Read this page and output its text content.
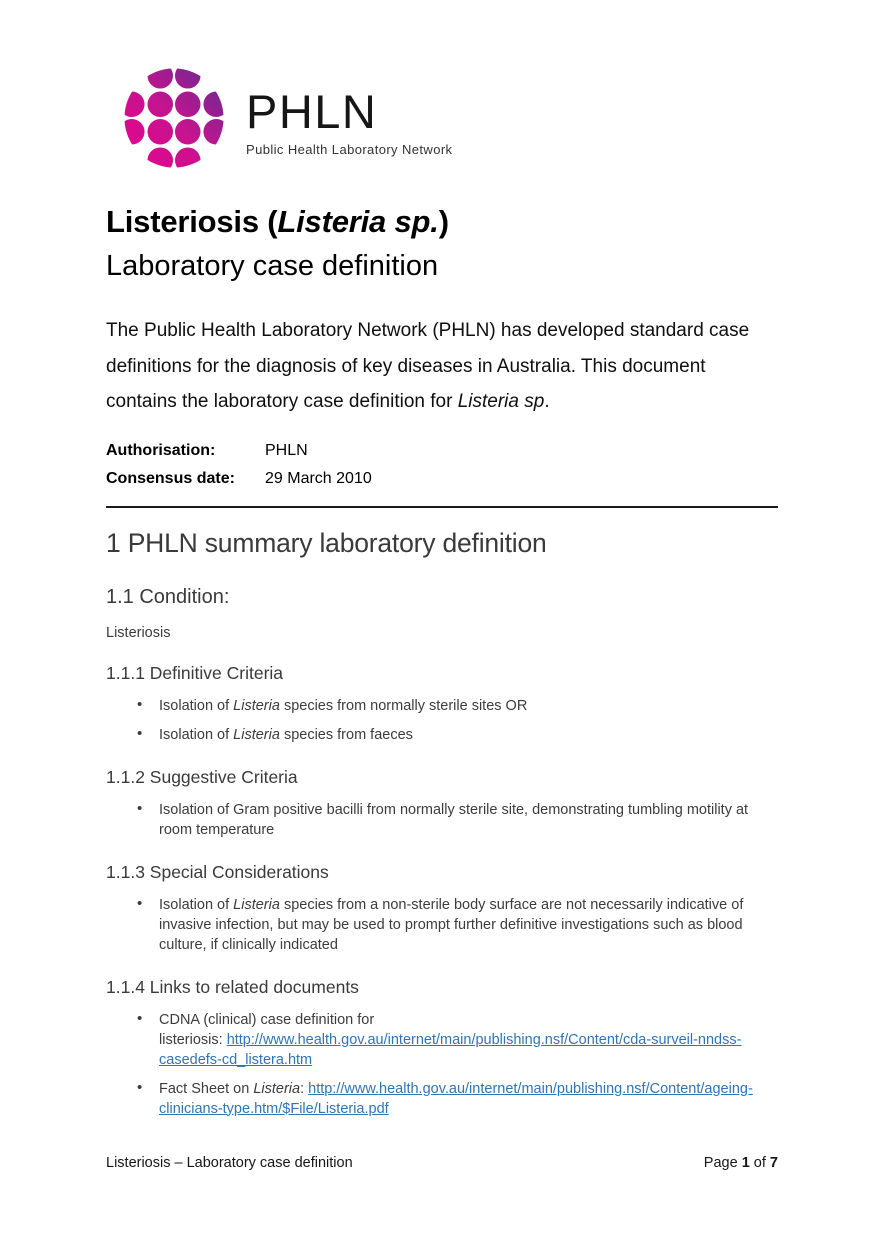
PHLN
Public Health Laboratory Network
Listeriosis (Listeria sp.)
Laboratory case definition

The Public Health Laboratory Network (PHLN) has developed standard case definitions for the diagnosis of key diseases in Australia. This document contains the laboratory case definition for Listeria sp.

Authorisation:	PHLN
Consensus date:	29 March 2010
1 PHLN summary laboratory definition
1.1 Condition:
Listeriosis
1.1.1 Definitive Criteria
• Isolation of Listeria species from normally sterile sites OR
• Isolation of Listeria species from faeces
1.1.2 Suggestive Criteria
• Isolation of Gram positive bacilli from normally sterile site, demonstrating tumbling motility at room temperature
1.1.3 Special Considerations
• Isolation of Listeria species from a non-sterile body surface are not necessarily indicative of invasive infection, but may be used to prompt further definitive investigations such as blood culture, if clinically indicated
1.1.4 Links to related documents
• CDNA (clinical) case definition for
listeriosis: http://www.health.gov.au/internet/main/publishing.nsf/Content/cda-surveil-nndss-casedefs-cd_listera.htm
• Fact Sheet on Listeria: http://www.health.gov.au/internet/main/publishing.nsf/Content/ageing-clinicians-type.htm/$File/Listeria.pdf
Listeriosis – Laboratory case definition	Page 1 of 7
